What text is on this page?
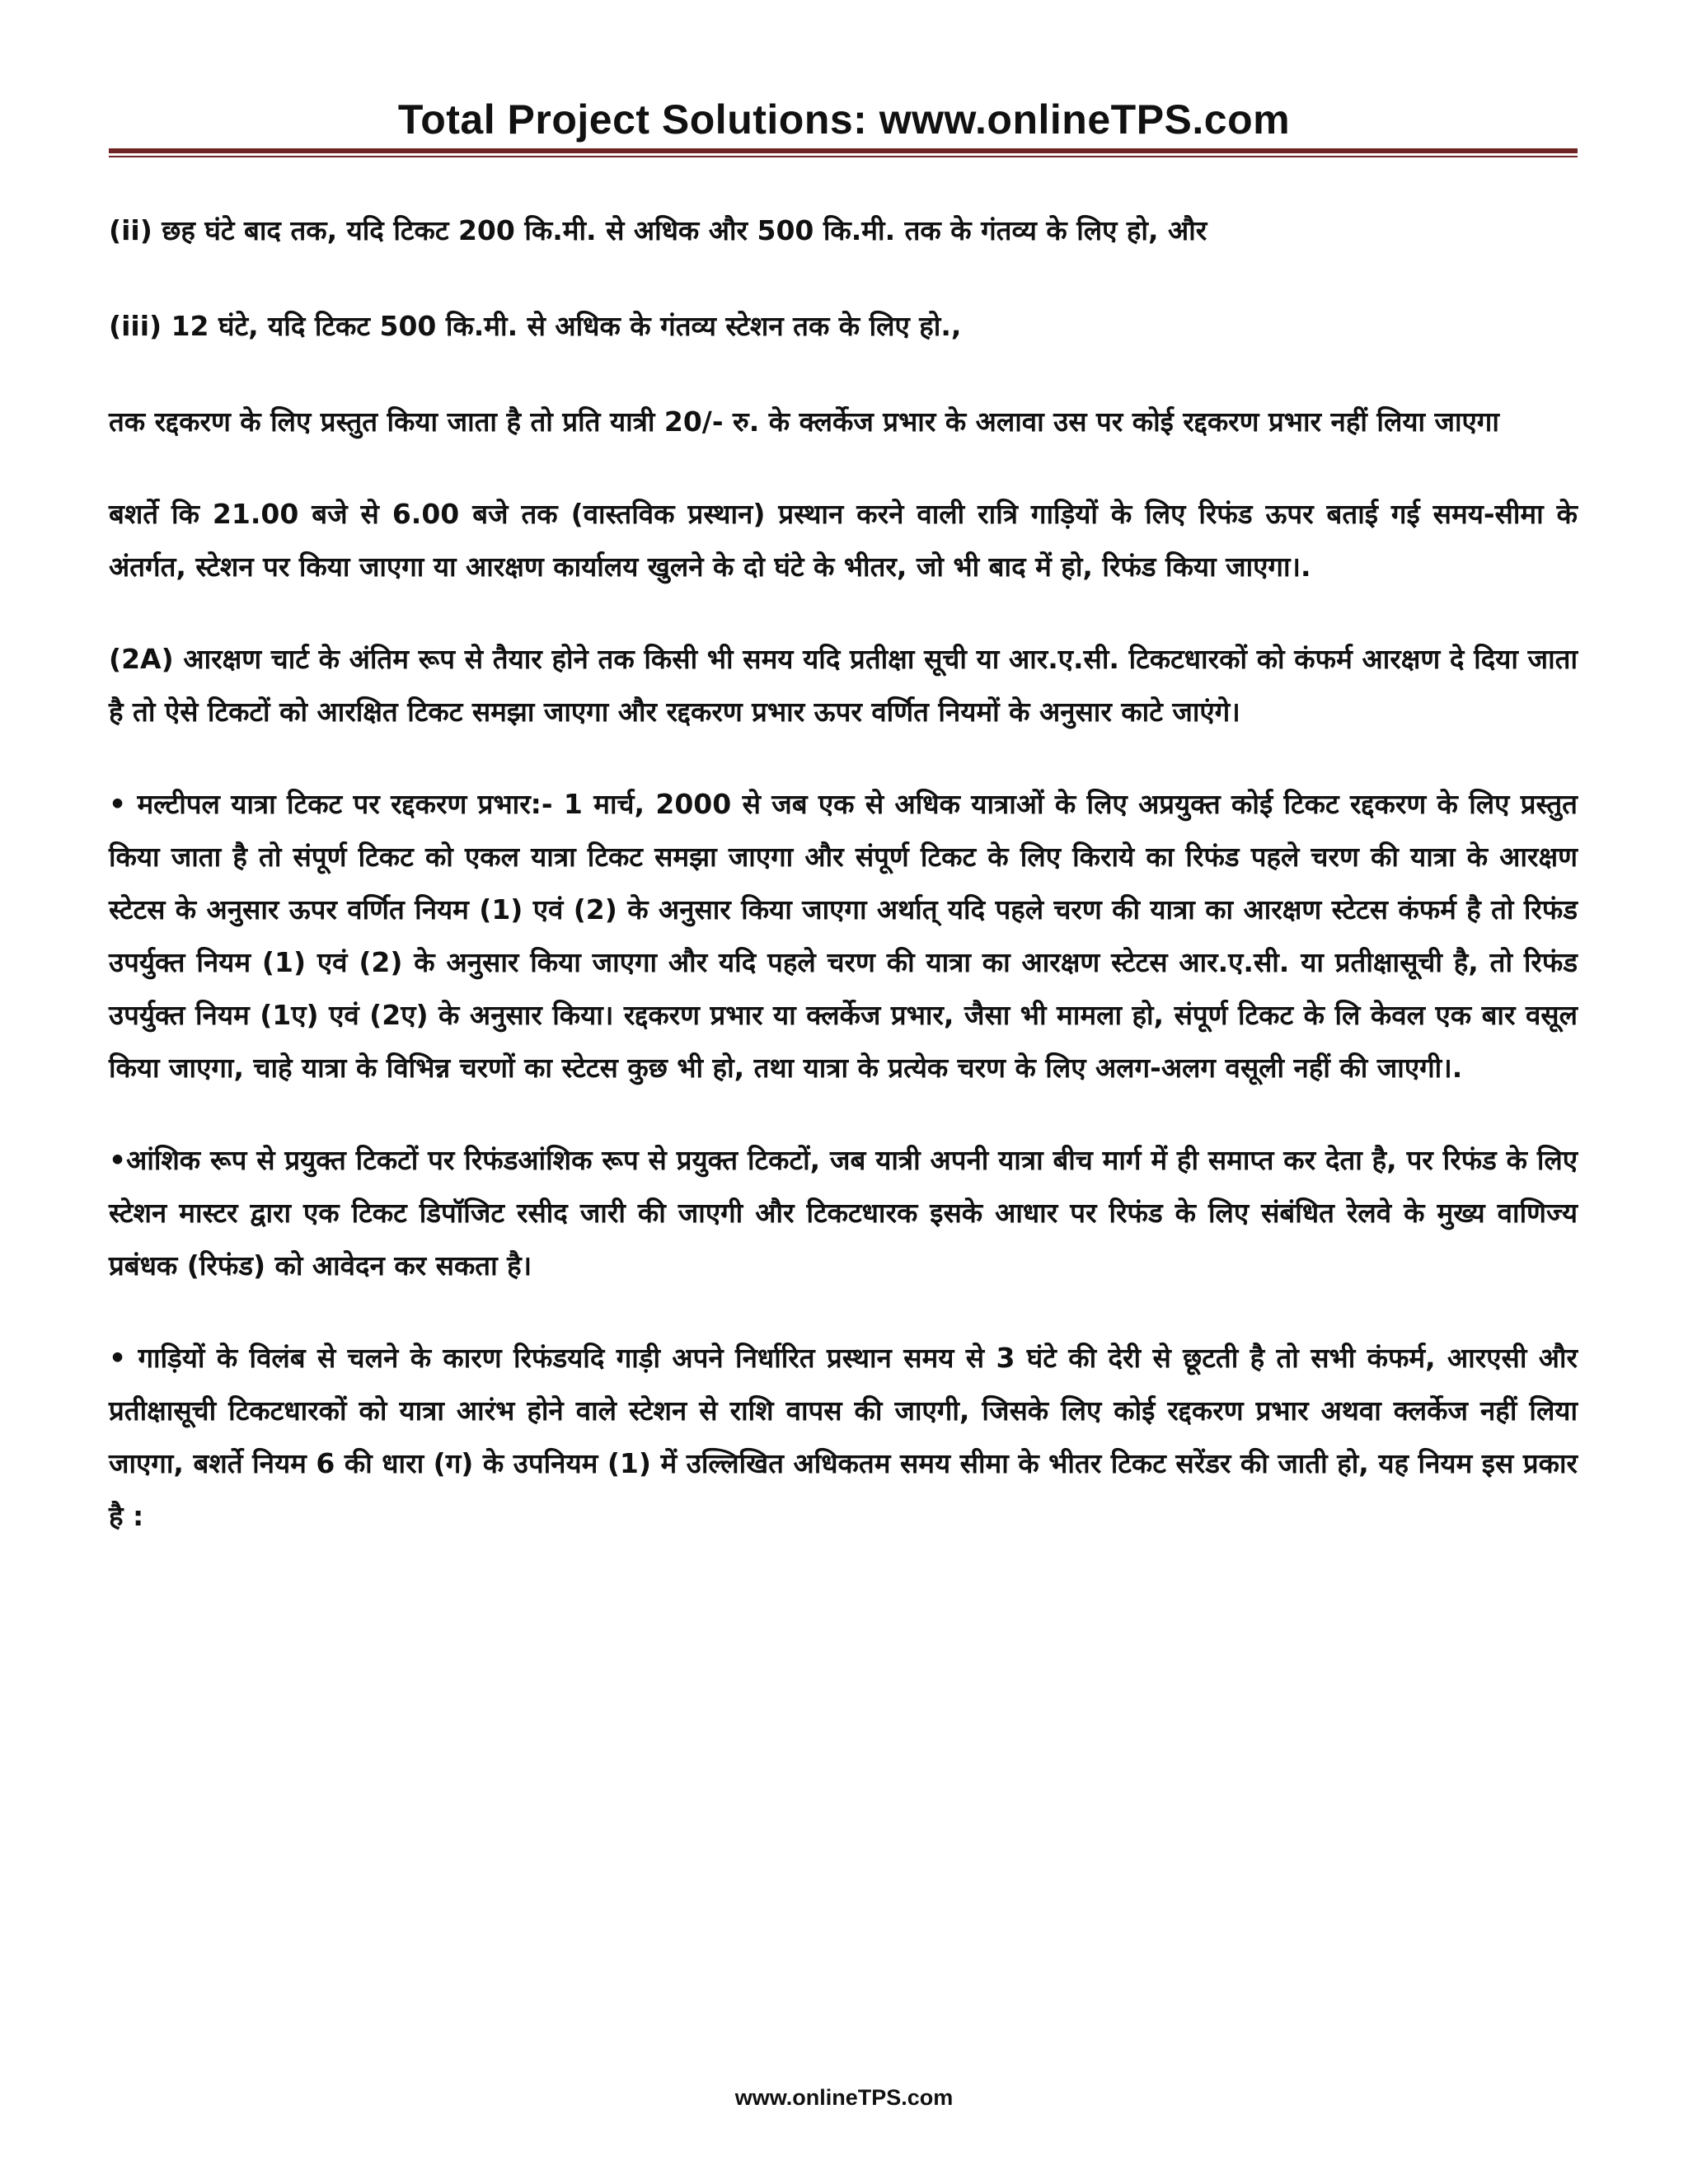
Total Project Solutions: www.onlineTPS.com

(ii) छह घंटे बाद तक, यदि टिकट 200 कि.मी. से अधिक और 500 कि.मी. तक के गंतव्य के लिए हो, और

(iii) 12 घंटे, यदि टिकट 500 कि.मी. से अधिक के गंतव्य स्टेशन तक के लिए हो.,

तक रद्दकरण के लिए प्रस्तुत किया जाता है तो प्रति यात्री 20/- रु. के क्लर्केज प्रभार के अलावा उस पर कोई रद्दकरण प्रभार नहीं लिया जाएगा

बशर्ते कि 21.00 बजे से 6.00 बजे तक (वास्तविक प्रस्थान) प्रस्थान करने वाली रात्रि गाड़ियों के लिए रिफंड ऊपर बताई गई समय-सीमा के अंतर्गत, स्टेशन पर किया जाएगा या आरक्षण कार्यालय खुलने के दो घंटे के भीतर, जो भी बाद में हो, रिफंड किया जाएगा।.

(2A) आरक्षण चार्ट के अंतिम रूप से तैयार होने तक किसी भी समय यदि प्रतीक्षा सूची या आर.ए.सी. टिकटधारकों को कंफर्म आरक्षण दे दिया जाता है तो ऐसे टिकटों को आरक्षित टिकट समझा जाएगा और रद्दकरण प्रभार ऊपर वर्णित नियमों के अनुसार काटे जाएंगे।

• मल्टीपल यात्रा टिकट पर रद्दकरण प्रभार:- 1 मार्च, 2000 से जब एक से अधिक यात्राओं के लिए अप्रयुक्त कोई टिकट रद्दकरण के लिए प्रस्तुत किया जाता है तो संपूर्ण टिकट को एकल यात्रा टिकट समझा जाएगा और संपूर्ण टिकट के लिए किराये का रिफंड पहले चरण की यात्रा के आरक्षण स्टेटस के अनुसार ऊपर वर्णित नियम (1) एवं (2) के अनुसार किया जाएगा अर्थात् यदि पहले चरण की यात्रा का आरक्षण स्टेटस कंफर्म है तो रिफंड उपर्युक्त नियम (1) एवं (2) के अनुसार किया जाएगा और यदि पहले चरण की यात्रा का आरक्षण स्टेटस आर.ए.सी. या प्रतीक्षासूची है, तो रिफंड उपर्युक्त नियम (1ए) एवं (2ए) के अनुसार किया। रद्दकरण प्रभार या क्लर्केज प्रभार, जैसा भी मामला हो, संपूर्ण टिकट के लि केवल एक बार वसूल किया जाएगा, चाहे यात्रा के विभिन्न चरणों का स्टेटस कुछ भी हो, तथा यात्रा के प्रत्येक चरण के लिए अलग-अलग वसूली नहीं की जाएगी।.

•आंशिक रूप से प्रयुक्त टिकटों पर रिफंडआंशिक रूप से प्रयुक्त टिकटों, जब यात्री अपनी यात्रा बीच मार्ग में ही समाप्त कर देता है, पर रिफंड के लिए स्टेशन मास्टर द्वारा एक टिकट डिपॉजिट रसीद जारी की जाएगी और टिकटधारक इसके आधार पर रिफंड के लिए संबंधित रेलवे के मुख्य वाणिज्य प्रबंधक (रिफंड) को आवेदन कर सकता है।

• गाड़ियों के विलंब से चलने के कारण रिफंडयदि गाड़ी अपने निर्धारित प्रस्थान समय से 3 घंटे की देरी से छूटती है तो सभी कंफर्म, आरएसी और प्रतीक्षासूची टिकटधारकों को यात्रा आरंभ होने वाले स्टेशन से राशि वापस की जाएगी, जिसके लिए कोई रद्दकरण प्रभार अथवा क्लर्केज नहीं लिया जाएगा, बशर्ते नियम 6 की धारा (ग) के उपनियम (1) में उल्लिखित अधिकतम समय सीमा के भीतर टिकट सरेंडर की जाती हो, यह नियम इस प्रकार है :

www.onlineTPS.com
